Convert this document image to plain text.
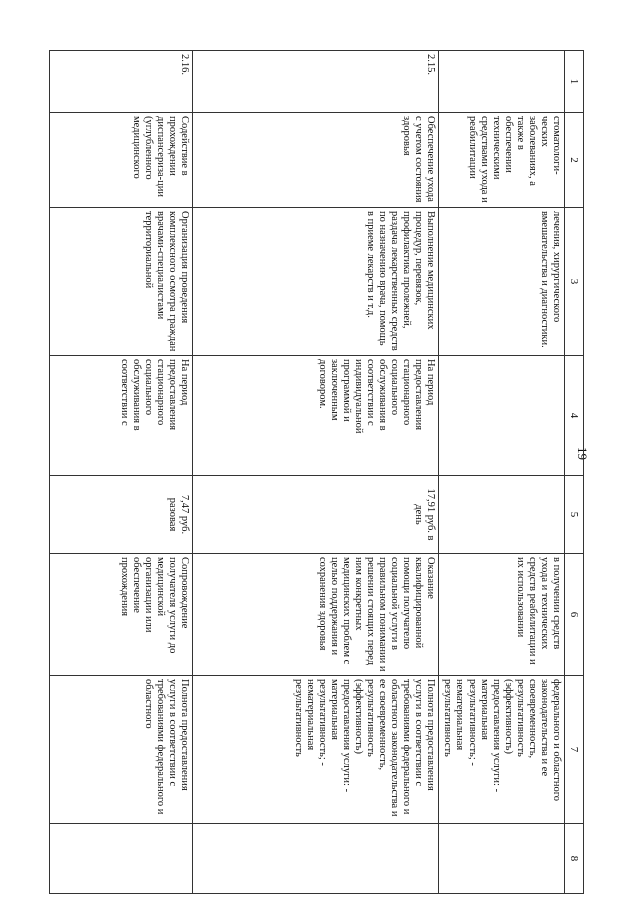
19
1	2	3	4	5	6	7	8
	стоматологи-ческих заболеваниях, а также в обеспечении техническими средствами ухода и реабилитации	лечения, хирургического вмешательства и диагностики.			в получении средств ухода и технических средств реабилитации и их использовании	федерального и областного законодательства и ее своевременность, результативность (эффективность) предоставления услуги: - материальная результативность; - нематериальная результативность	
2.15.	Обеспечение ухода с учетом состояния здоровья	Выполнение медицинских процедур, перевязок, профилактика пролежней, раздача лекарственных средств по назначению врача, помощь в приеме лекарств и т.д.	На период предоставления стационарного социального обслуживания в соответствии с индивидуальной программой и заключенным договором.	17,91 руб. в день	Оказание квалифицированной помощи получателю социальной услуги в правильном понимании и решении стоящих перед ним конкретных медицинских проблем с целью поддержания и сохранения здоровья	Полнота предоставления услуги в соответствии с требованиями федерального и областного законодательства и ее своевременность, результативность (эффективность) предоставления услуги: - материальная результативность; - нематериальная результативность	
2.16.	Содействие в прохождении диспансериза-ции (углубленного медицинского	Организация проведения комплексного осмотра граждан врачами-специалистами территориальной	На период предоставления стационарного социального обслуживания в соответствии с	7,47 руб. разовая	Сопровождение получателя услуги до медицинской организации или обеспечение прохождения	Полнота предоставления услуги в соответствии с требованиями федерального и областного	
